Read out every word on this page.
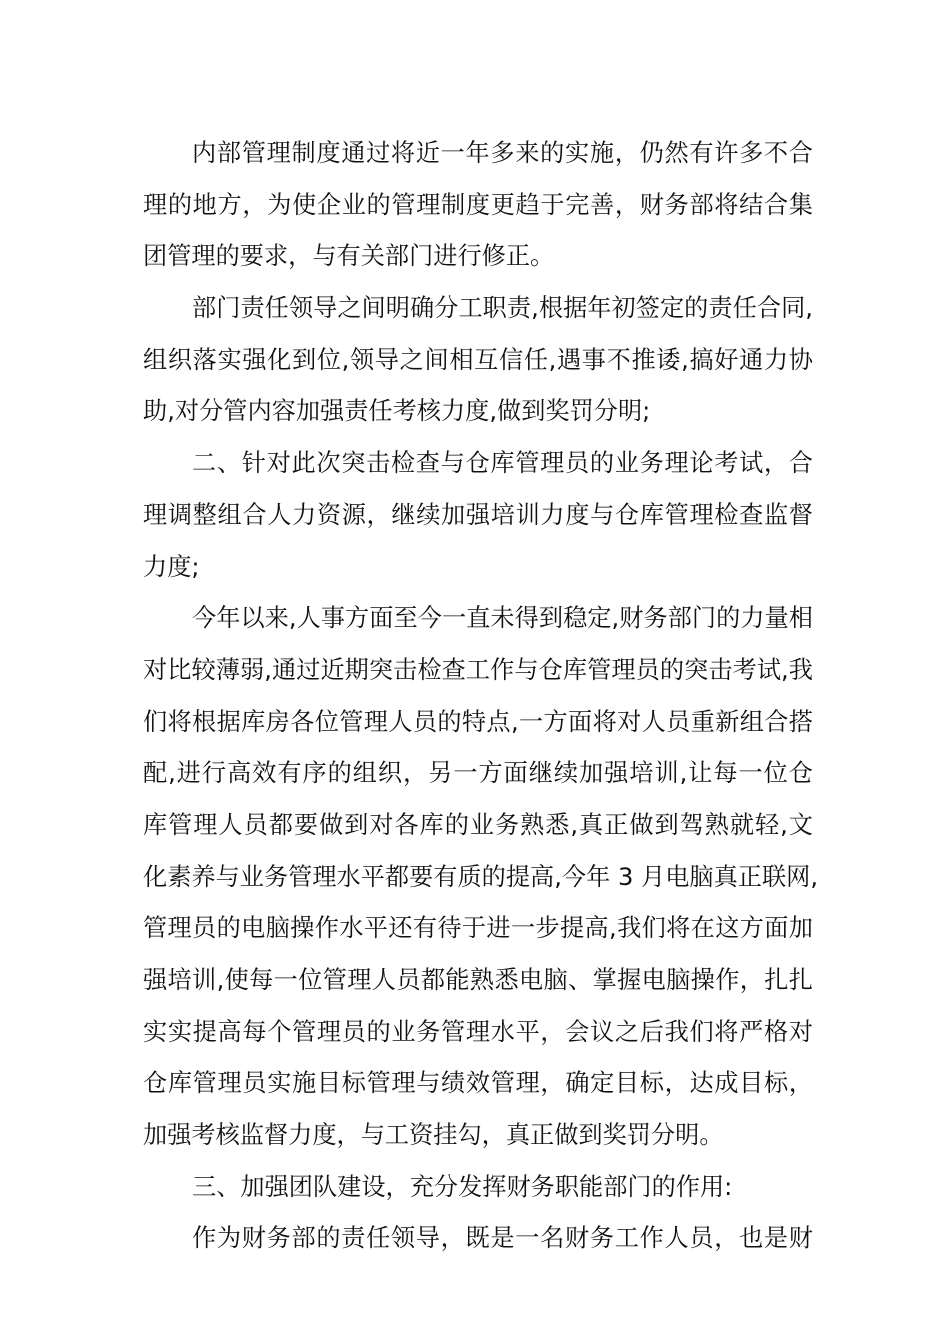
内部管理制度通过将近一年多来的实施，仍然有许多不合
理的地方，为使企业的管理制度更趋于完善，财务部将结合集
团管理的要求，与有关部门进行修正。
部门责任领导之间明确分工职责,根据年初签定的责任合同,
组织落实强化到位,领导之间相互信任,遇事不推诿,搞好通力协
助,对分管内容加强责任考核力度,做到奖罚分明;
二、针对此次突击检查与仓库管理员的业务理论考试，合
理调整组合人力资源，继续加强培训力度与仓库管理检查监督
力度;
今年以来,人事方面至今一直未得到稳定,财务部门的力量相
对比较薄弱,通过近期突击检查工作与仓库管理员的突击考试,我
们将根据库房各位管理人员的特点,一方面将对人员重新组合搭
配,进行高效有序的组织，另一方面继续加强培训,让每一位仓
库管理人员都要做到对各库的业务熟悉,真正做到驾熟就轻,文
化素养与业务管理水平都要有质的提高,今年 3 月电脑真正联网,
管理员的电脑操作水平还有待于进一步提高,我们将在这方面加
强培训,使每一位管理人员都能熟悉电脑、掌握电脑操作，扎扎
实实提高每个管理员的业务管理水平，会议之后我们将严格对
仓库管理员实施目标管理与绩效管理，确定目标，达成目标，
加强考核监督力度，与工资挂勾，真正做到奖罚分明。
三、加强团队建设，充分发挥财务职能部门的作用:
作为财务部的责任领导，既是一名财务工作人员，也是财
